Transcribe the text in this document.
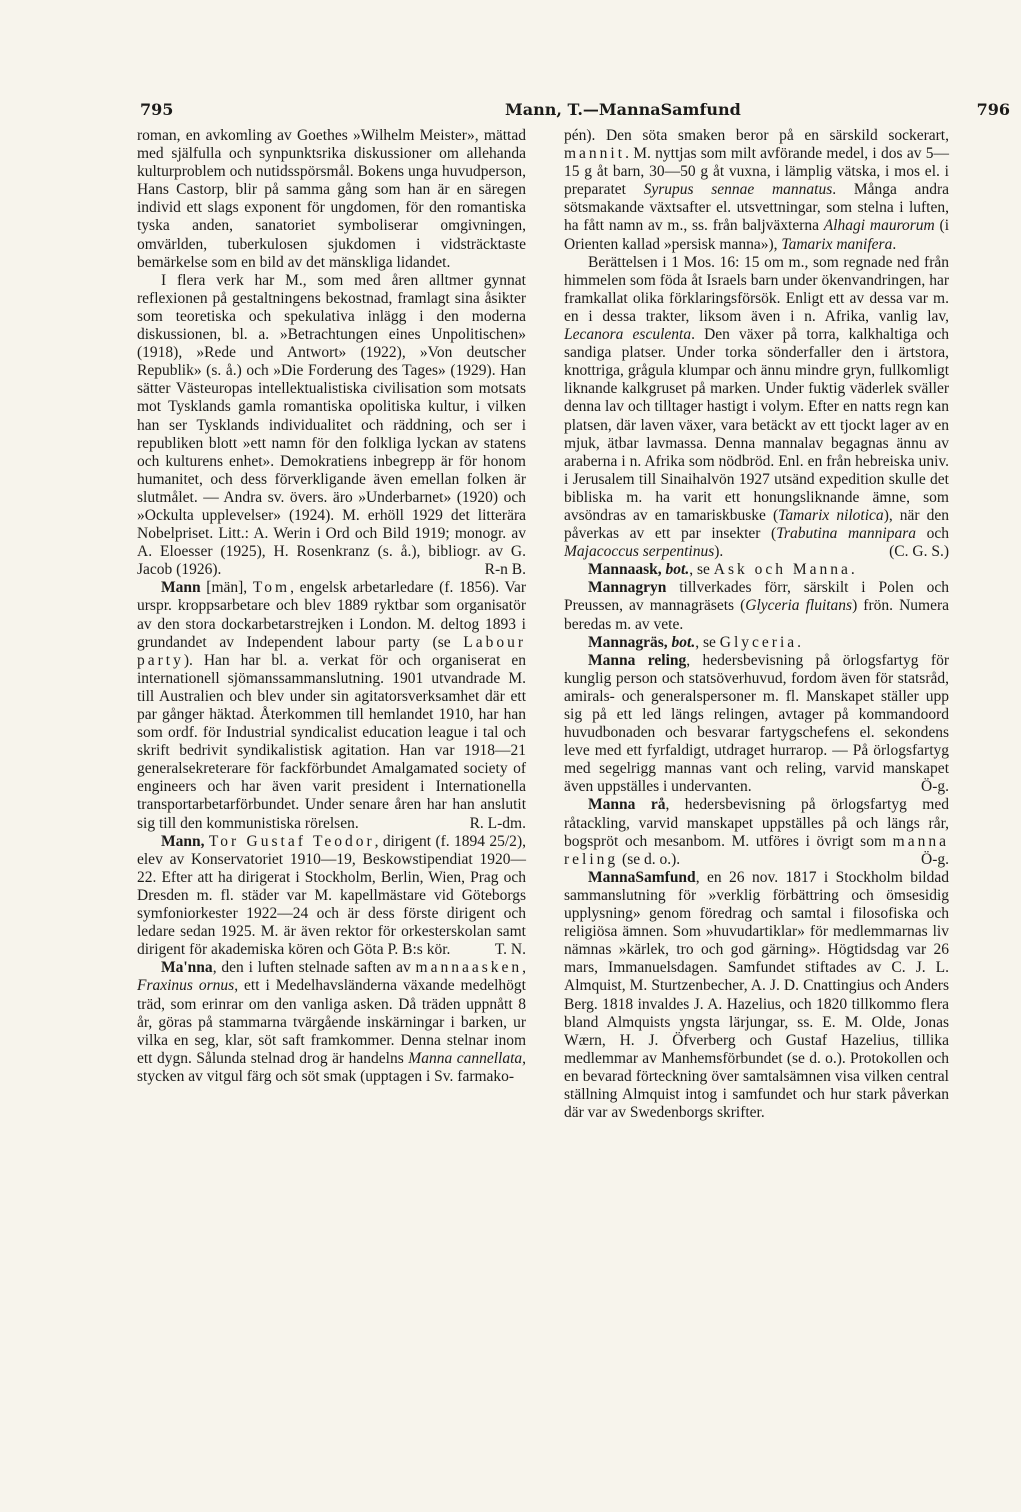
795	Mann, T.—MannaSamfund	796

roman, en avkomling av Goethes »Wilhelm Meister», mättad med själfulla och synpunktsrika diskussioner om allehanda kulturproblem och nutidsspörsmål. Bokens unga huvudperson, Hans Castorp, blir på samma gång som han är en säregen individ ett slags exponent för ungdomen, för den romantiska tyska anden, sanatoriet symboliserar omgivningen, omvärlden, tuberkulosen sjukdomen i vidsträcktaste bemärkelse som en bild av det mänskliga lidandet.

I flera verk har M., som med åren alltmer gynnat reflexionen på gestaltningens bekostnad, framlagt sina åsikter som teoretiska och spekulativa inlägg i den moderna diskussionen, bl. a. »Betrachtungen eines Unpolitischen» (1918), »Rede und Antwort» (1922), »Von deutscher Republik» (s. å.) och »Die Forderung des Tages» (1929). Han sätter Västeuropas intellektualistiska civilisation som motsats mot Tysklands gamla romantiska opolitiska kultur, i vilken han ser Tysklands individualitet och räddning, och ser i republiken blott »ett namn för den folkliga lyckan av statens och kulturens enhet». Demokratiens inbegrepp är för honom humanitet, och dess förverkligande även emellan folken är slutmålet. — Andra sv. övers. äro »Underbarnet» (1920) och »Ockulta upplevelser» (1924). M. erhöll 1929 det litterära Nobelpriset. Litt.: A. Werin i Ord och Bild 1919; monogr. av A. Eloesser (1925), H. Rosenkranz (s. å.), bibliogr. av G. Jacob (1926).	R-n B.

Mann [män], Tom, engelsk arbetarledare (f. 1856). Var urspr. kroppsarbetare och blev 1889 ryktbar som organisatör av den stora dockarbetarstrejken i London. M. deltog 1893 i grundandet av Independent labour party (se Labour party). Han har bl. a. verkat för och organiserat en internationell sjömanssammanslutning. 1901 utvandrade M. till Australien och blev under sin agitatorsverksamhet där ett par gånger häktad. Återkommen till hemlandet 1910, har han som ordf. för Industrial syndicalist education league i tal och skrift bedrivit syndikalistisk agitation. Han var 1918—21 generalsekreterare för fackförbundet Amalgamated society of engineers och har även varit president i Internationella transportarbetarförbundet. Under senare åren har han anslutit sig till den kommunistiska rörelsen.	R. L-dm.

Mann, Tor Gustaf Teodor, dirigent (f. 1894 25/2), elev av Konservatoriet 1910—19, Beskowstipendiat 1920—22. Efter att ha dirigerat i Stockholm, Berlin, Wien, Prag och Dresden m. fl. städer var M. kapellmästare vid Göteborgs symfoniorkester 1922—24 och är dess förste dirigent och ledare sedan 1925. M. är även rektor för orkesterskolan samt dirigent för akademiska kören och Göta P. B:s kör.	T. N.

Ma'nna, den i luften stelnade saften av mannaasken, Fraxinus ornus, ett i Medelhavsländerna växande medelhögt träd, som erinrar om den vanliga asken. Då träden uppnått 8 år, göras på stammarna tvärgående inskärningar i barken, ur vilka en seg, klar, söt saft framkommer. Denna stelnar inom ett dygn. Sålunda stelnad drog är handelns Manna cannellata, stycken av vitgul färg och söt smak (upptagen i Sv. farmako-

pén). Den söta smaken beror på en särskild sockerart, mannit. M. nyttjas som milt avförande medel, i dos av 5—15 g åt barn, 30—50 g åt vuxna, i lämplig vätska, i mos el. i preparatet Syrupus sennae mannatus. Många andra sötsmakande växtsafter el. utsvettningar, som stelna i luften, ha fått namn av m., ss. från baljväxterna Alhagi maurorum (i Orienten kallad »persisk manna»), Tamarix manifera.

Berättelsen i 1 Mos. 16: 15 om m., som regnade ned från himmelen som föda åt Israels barn under ökenvandringen, har framkallat olika förklaringsförsök. Enligt ett av dessa var m. en i dessa trakter, liksom även i n. Afrika, vanlig lav, Lecanora esculenta. Den växer på torra, kalkhaltiga och sandiga platser. Under torka sönderfaller den i ärtstora, knottriga, grågula klumpar och ännu mindre gryn, fullkomligt liknande kalkgruset på marken. Under fuktig väderlek sväller denna lav och tilltager hastigt i volym. Efter en natts regn kan platsen, där laven växer, vara betäckt av ett tjockt lager av en mjuk, ätbar lavmassa. Denna mannalav begagnas ännu av araberna i n. Afrika som nödbröd. Enl. en från hebreiska univ. i Jerusalem till Sinaihalvön 1927 utsänd expedition skulle det bibliska m. ha varit ett honungsliknande ämne, som avsöndras av en tamariskbuske (Tamarix nilotica), när den påverkas av ett par insekter (Trabutina mannipara och Majacoccus serpentinus).	(C. G. S.)

Mannaask, bot., se Ask och Manna.

Mannagryn tillverkades förr, särskilt i Polen och Preussen, av mannagräsets (Glyceria fluitans) frön. Numera beredas m. av vete.

Mannagräs, bot., se Glyceria.

Manna reling, hedersbevisning på örlogsfartyg för kunglig person och statsöverhuvud, fordom även för statsråd, amirals- och generalspersoner m. fl. Manskapet ställer upp sig på ett led längs relingen, avtager på kommandoord huvudbonaden och besvarar fartygschefens el. sekondens leve med ett fyrfaldigt, utdraget hurrarop. — På örlogsfartyg med segelrigg mannas vant och reling, varvid manskapet även uppställes i undervanten.	Ö-g.

Manna rå, hedersbevisning på örlogsfartyg med råtackling, varvid manskapet uppställes på och längs rår, bogspröt och mesanbom. M. utföres i övrigt som manna reling (se d. o.).	Ö-g.

MannaSamfund, en 26 nov. 1817 i Stockholm bildad sammanslutning för »verklig förbättring och ömsesidig upplysning» genom föredrag och samtal i filosofiska och religiösa ämnen. Som »huvudartiklar» för medlemmarnas liv nämnas »kärlek, tro och god gärning». Högtidsdag var 26 mars, Immanuelsdagen. Samfundet stiftades av C. J. L. Almquist, M. Sturtzenbecher, A. J. D. Cnattingius och Anders Berg. 1818 invaldes J. A. Hazelius, och 1820 tillkommo flera bland Almquists yngsta lärjungar, ss. E. M. Olde, Jonas Wærn, H. J. Öfverberg och Gustaf Hazelius, tillika medlemmar av Manhemsförbundet (se d. o.). Protokollen och en bevarad förteckning över samtalsämnen visa vilken central ställning Almquist intog i samfundet och hur stark påverkan där var av Swedenborgs skrifter.
